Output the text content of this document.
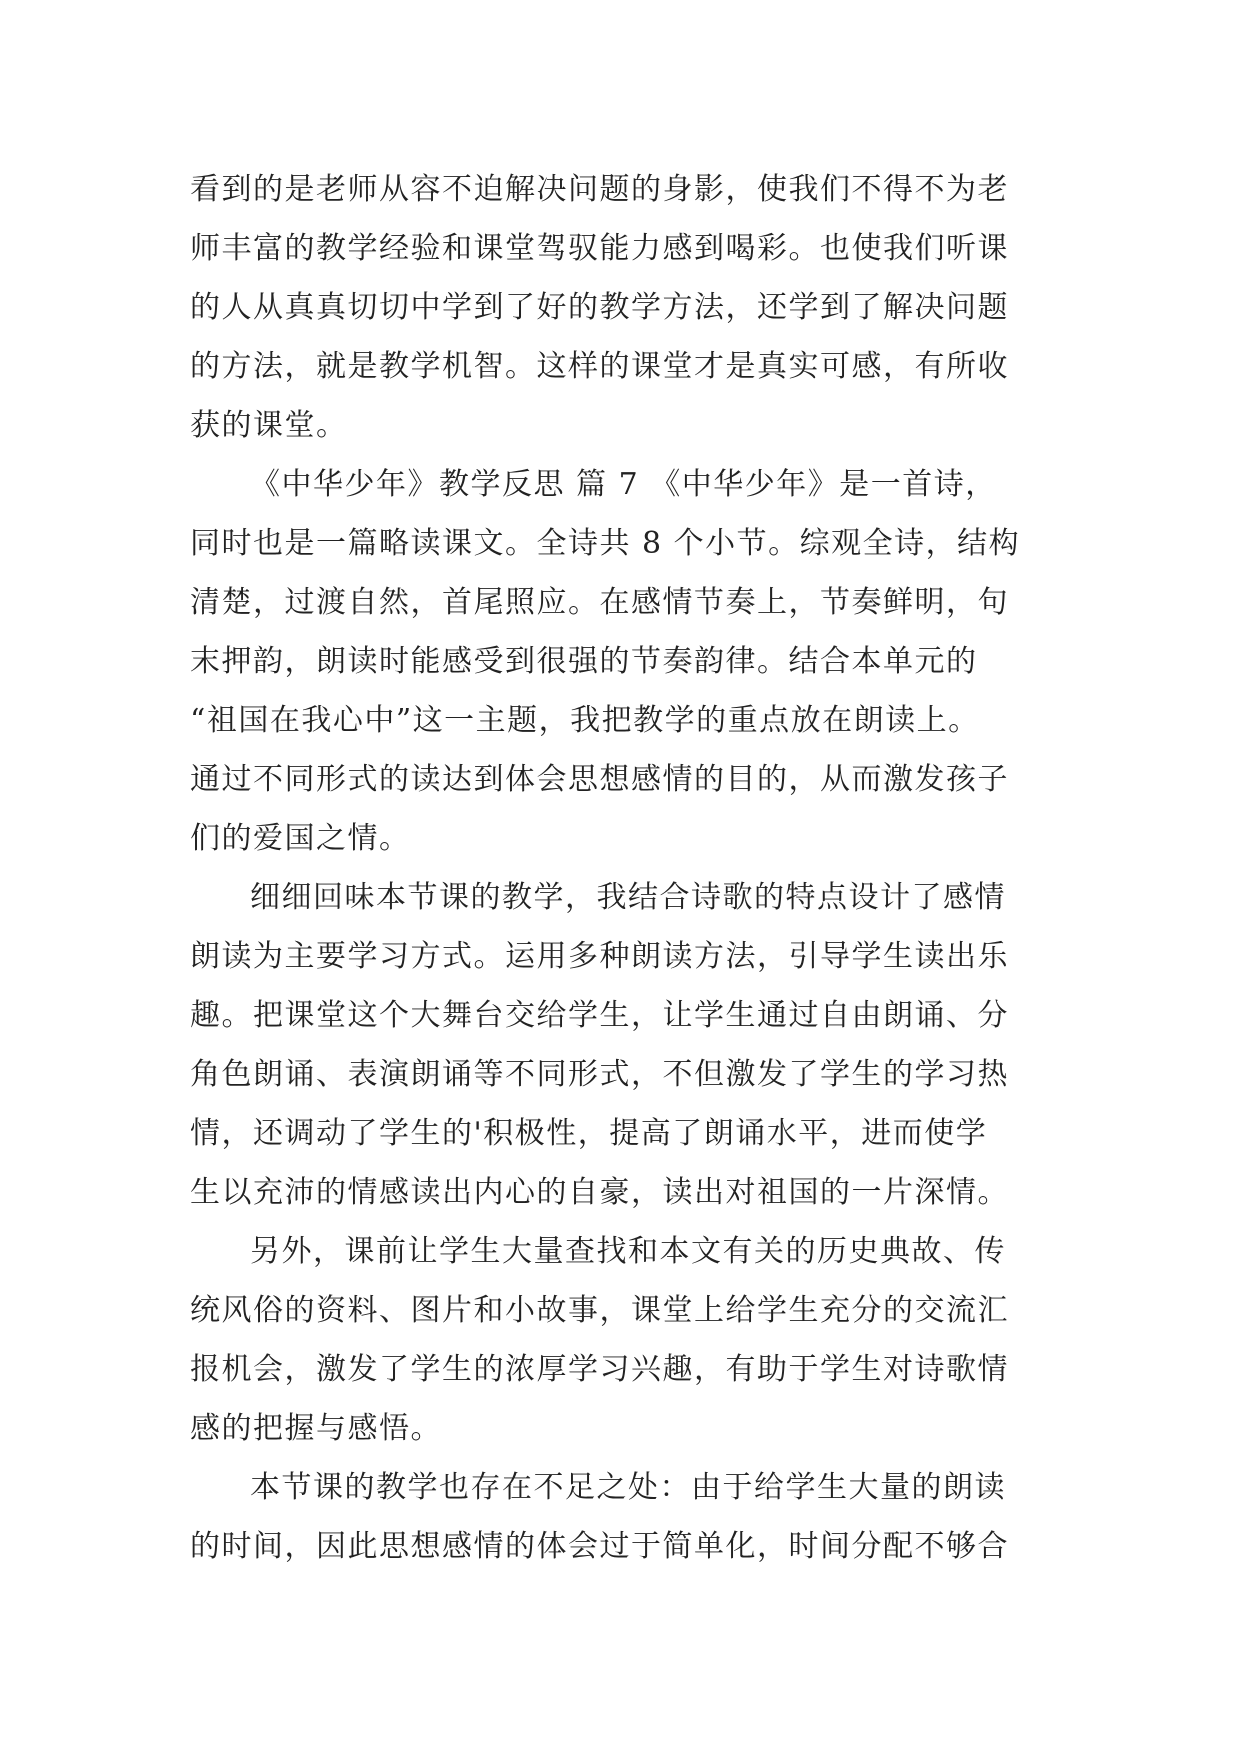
看到的是老师从容不迫解决问题的身影，使我们不得不为老
师丰富的教学经验和课堂驾驭能力感到喝彩。也使我们听课
的人从真真切切中学到了好的教学方法，还学到了解决问题
的方法，就是教学机智。这样的课堂才是真实可感，有所收
获的课堂。
《中华少年》教学反思 篇 7 《中华少年》是一首诗，
同时也是一篇略读课文。全诗共 8 个小节。综观全诗，结构
清楚，过渡自然，首尾照应。在感情节奏上，节奏鲜明，句
末押韵，朗读时能感受到很强的节奏韵律。结合本单元的
“祖国在我心中”这一主题，我把教学的重点放在朗读上。
通过不同形式的读达到体会思想感情的目的，从而激发孩子
们的爱国之情。
细细回味本节课的教学，我结合诗歌的特点设计了感情
朗读为主要学习方式。运用多种朗读方法，引导学生读出乐
趣。把课堂这个大舞台交给学生，让学生通过自由朗诵、分
角色朗诵、表演朗诵等不同形式，不但激发了学生的学习热
情，还调动了学生的'积极性，提高了朗诵水平，进而使学
生以充沛的情感读出内心的自豪，读出对祖国的一片深情。
另外，课前让学生大量查找和本文有关的历史典故、传
统风俗的资料、图片和小故事，课堂上给学生充分的交流汇
报机会，激发了学生的浓厚学习兴趣，有助于学生对诗歌情
感的把握与感悟。
本节课的教学也存在不足之处：由于给学生大量的朗读
的时间，因此思想感情的体会过于简单化，时间分配不够合
